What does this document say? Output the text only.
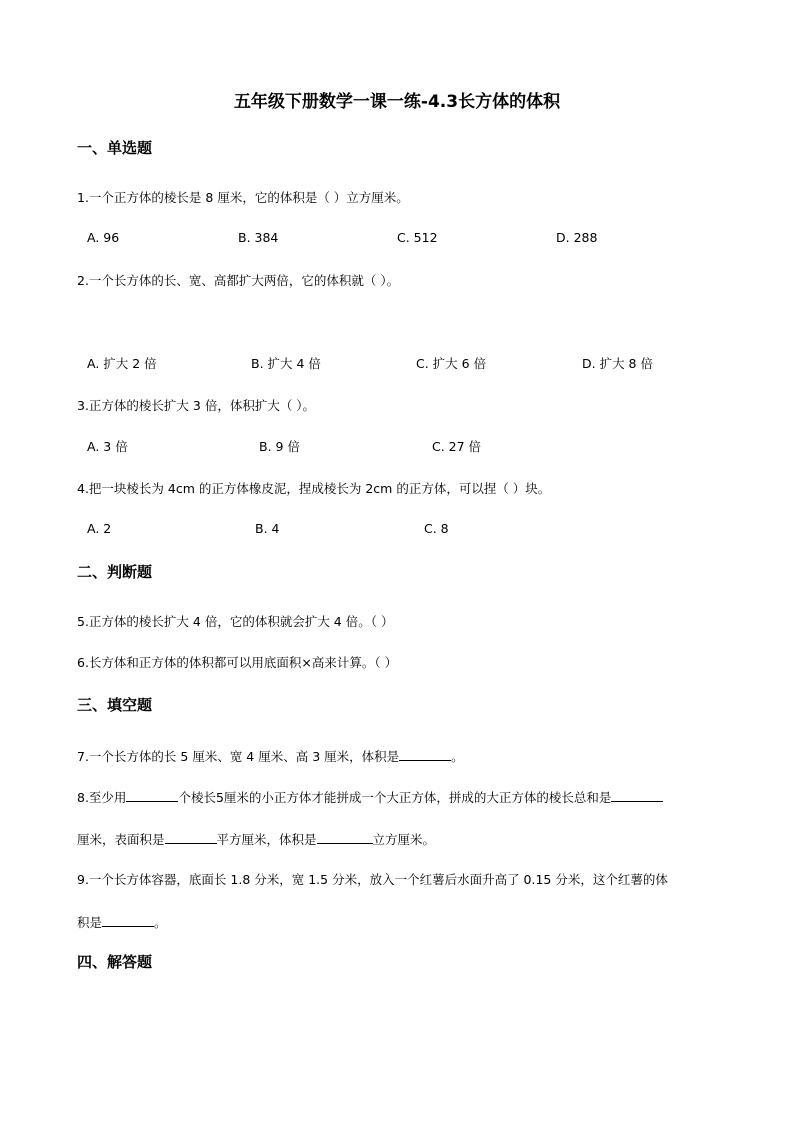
五年级下册数学一课一练-4.3长方体的体积
一、单选题
1.一个正方体的棱长是 8 厘米，它的体积是（ ）立方厘米。
A. 96	B. 384	C. 512	D. 288
2.一个长方体的长、宽、高都扩大两倍，它的体积就（ ）。
A. 扩大 2 倍	B. 扩大 4 倍	C. 扩大 6 倍	D. 扩大 8 倍
3.正方体的棱长扩大 3 倍，体积扩大（ ）。
A. 3 倍	B. 9 倍	C. 27 倍
4.把一块棱长为 4cm 的正方体橡皮泥，捏成棱长为 2cm 的正方体，可以捏（ ）块。
A. 2	B. 4	C. 8
二、判断题
5.正方体的棱长扩大 4 倍，它的体积就会扩大 4 倍。（ ）
6.长方体和正方体的体积都可以用底面积×高来计算。（ ）
三、填空题
7.一个长方体的长 5 厘米、宽 4 厘米、高 3 厘米，体积是	。
8.至少用	个棱长5厘米的小正方体才能拼成一个大正方体，拼成的大正方体的棱长总和是
厘米，表面积是	平方厘米，体积是	立方厘米。
9.一个长方体容器，底面长 1.8 分米，宽 1.5 分米，放入一个红薯后水面升高了 0.15 分米，这个红薯的体
积是	。
四、解答题
